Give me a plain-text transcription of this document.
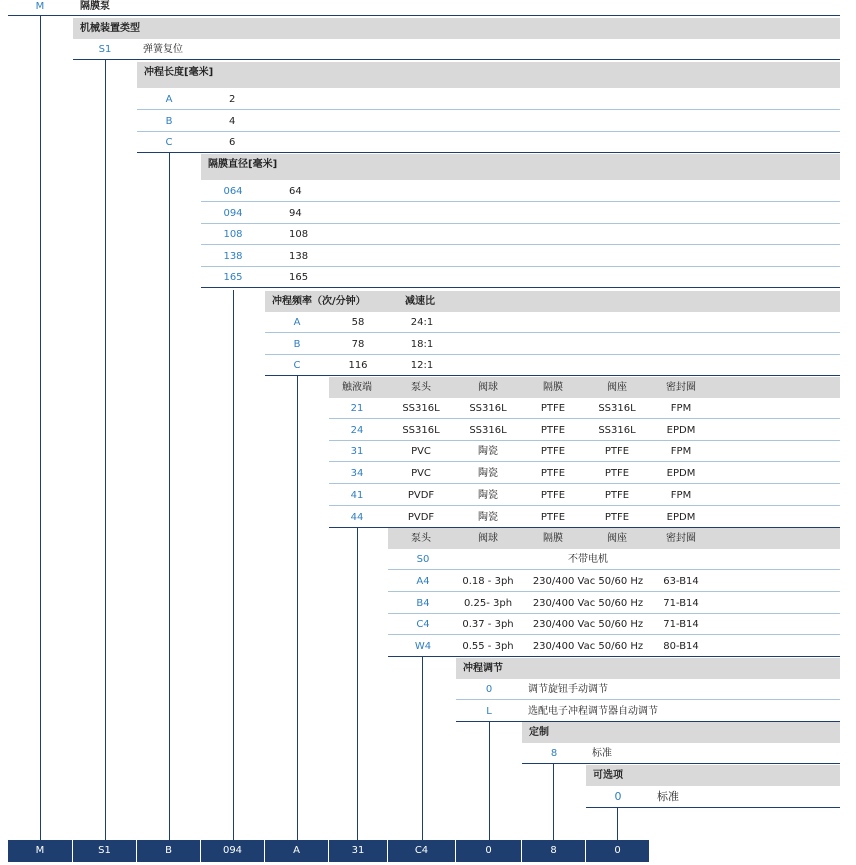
M	隔膜泵
机械装置类型
S1	弹簧复位
冲程长度[毫米]
隔膜直径[毫米]
冲程频率（次/分钟）	减速比
触液端	泵头	阀球	隔膜	阀座	密封圈
泵头	阀球	隔膜	阀座	密封圈
S0	不带电机
冲程调节
定制
8	标准
可选项
0	标准
M	S1	B	094	A	31	C4	0	8	0
A	2
B	4
C	6
064	64
094	94
108	108
138	138
165	165
A	58	24:1
B	78	18:1
C	116	12:1
21	SS316L	SS316L	PTFE	SS316L	FPM
24	SS316L	SS316L	PTFE	SS316L	EPDM
31	PVC	陶瓷	PTFE	PTFE	FPM
34	PVC	陶瓷	PTFE	PTFE	EPDM
41	PVDF	陶瓷	PTFE	PTFE	FPM
44	PVDF	陶瓷	PTFE	PTFE	EPDM
A4	0.18 - 3ph	230/400 Vac 50/60 Hz	63-B14
B4	0.25- 3ph	230/400 Vac 50/60 Hz	71-B14
C4	0.37 - 3ph	230/400 Vac 50/60 Hz	71-B14
W4	0.55 - 3ph	230/400 Vac 50/60 Hz	80-B14
0	调节旋钮手动调节
L	选配电子冲程调节器自动调节
